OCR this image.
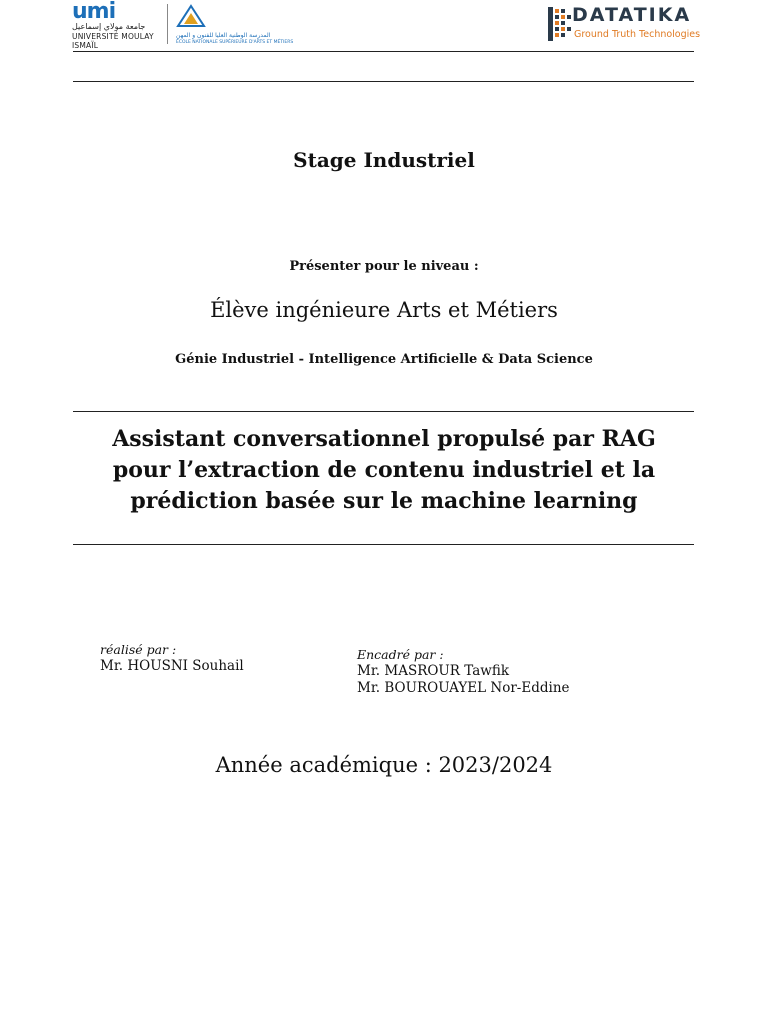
umi
جامعة مولاي إسماعيل
UNIVERSITÉ MOULAY ISMAÏL
المدرسة الوطنية العليا للفنون و المهن
ÉCOLE NATIONALE SUPÉRIEURE D'ARTS ET MÉTIERS
DATATIKA
Ground Truth Technologies
Stage Industriel
Présenter pour le niveau :
Élève ingénieure Arts et Métiers
Génie Industriel - Intelligence Artificielle & Data Science
Assistant conversationnel propulsé par RAG
pour l’extraction de contenu industriel et la
prédiction basée sur le machine learning
réalisé par :
Mr. HOUSNI Souhail
Encadré par :
Mr. MASROUR Tawfik
Mr. BOUROUAYEL Nor-Eddine
Année académique : 2023/2024
